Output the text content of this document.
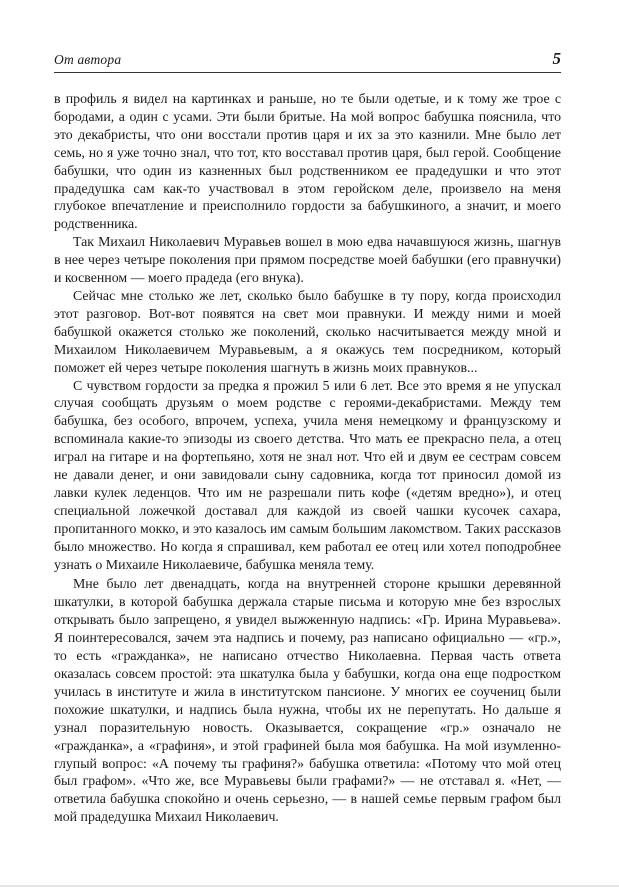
От автора	5

в профиль я видел на картинках и раньше, но те были одетые, и к тому же трое с бородами, а один с усами. Эти были бритые. На мой вопрос бабушка пояснила, что это декабристы, что они восстали против царя и их за это казнили. Мне было лет семь, но я уже точно знал, что тот, кто восставал против царя, был герой. Сообщение бабушки, что один из казненных был родственником ее прадедушки и что этот прадедушка сам как-то участвовал в этом геройском деле, произвело на меня глубокое впечатление и преисполнило гордости за бабушкиного, а значит, и моего родственника.

Так Михаил Николаевич Муравьев вошел в мою едва начавшуюся жизнь, шагнув в нее через четыре поколения при прямом посредстве моей бабушки (его правнучки) и косвенном — моего прадеда (его внука).

Сейчас мне столько же лет, сколько было бабушке в ту пору, когда происходил этот разговор. Вот-вот появятся на свет мои правнуки. И между ними и моей бабушкой окажется столько же поколений, сколько насчитывается между мной и Михаилом Николаевичем Муравьевым, а я окажусь тем посредником, который поможет ей через четыре поколения шагнуть в жизнь моих правнуков...

С чувством гордости за предка я прожил 5 или 6 лет. Все это время я не упускал случая сообщать друзьям о моем родстве с героями-декабристами. Между тем бабушка, без особого, впрочем, успеха, учила меня немецкому и французскому и вспоминала какие-то эпизоды из своего детства. Что мать ее прекрасно пела, а отец играл на гитаре и на фортепьяно, хотя не знал нот. Что ей и двум ее сестрам совсем не давали денег, и они завидовали сыну садовника, когда тот приносил домой из лавки кулек леденцов. Что им не разрешали пить кофе («детям вредно»), и отец специальной ложечкой доставал для каждой из своей чашки кусочек сахара, пропитанного мокко, и это казалось им самым большим лакомством. Таких рассказов было множество. Но когда я спрашивал, кем работал ее отец или хотел поподробнее узнать о Михаиле Николаевиче, бабушка меняла тему.

Мне было лет двенадцать, когда на внутренней стороне крышки деревянной шкатулки, в которой бабушка держала старые письма и которую мне без взрослых открывать было запрещено, я увидел выжженную надпись: «Гр. Ирина Муравьева». Я поинтересовался, зачем эта надпись и почему, раз написано официально — «гр.», то есть «гражданка», не написано отчество Николаевна. Первая часть ответа оказалась совсем простой: эта шкатулка была у бабушки, когда она еще подростком училась в институте и жила в институтском пансионе. У многих ее соучениц были похожие шкатулки, и надпись была нужна, чтобы их не перепутать. Но дальше я узнал поразительную новость. Оказывается, сокращение «гр.» означало не «гражданка», а «графиня», и этой графиней была моя бабушка. На мой изумленно-глупый вопрос: «А почему ты графиня?» бабушка ответила: «Потому что мой отец был графом». «Что же, все Муравьевы были графами?» — не отставал я. «Нет, — ответила бабушка спокойно и очень серьезно, — в нашей семье первым графом был мой прадедушка Михаил Николаевич.
